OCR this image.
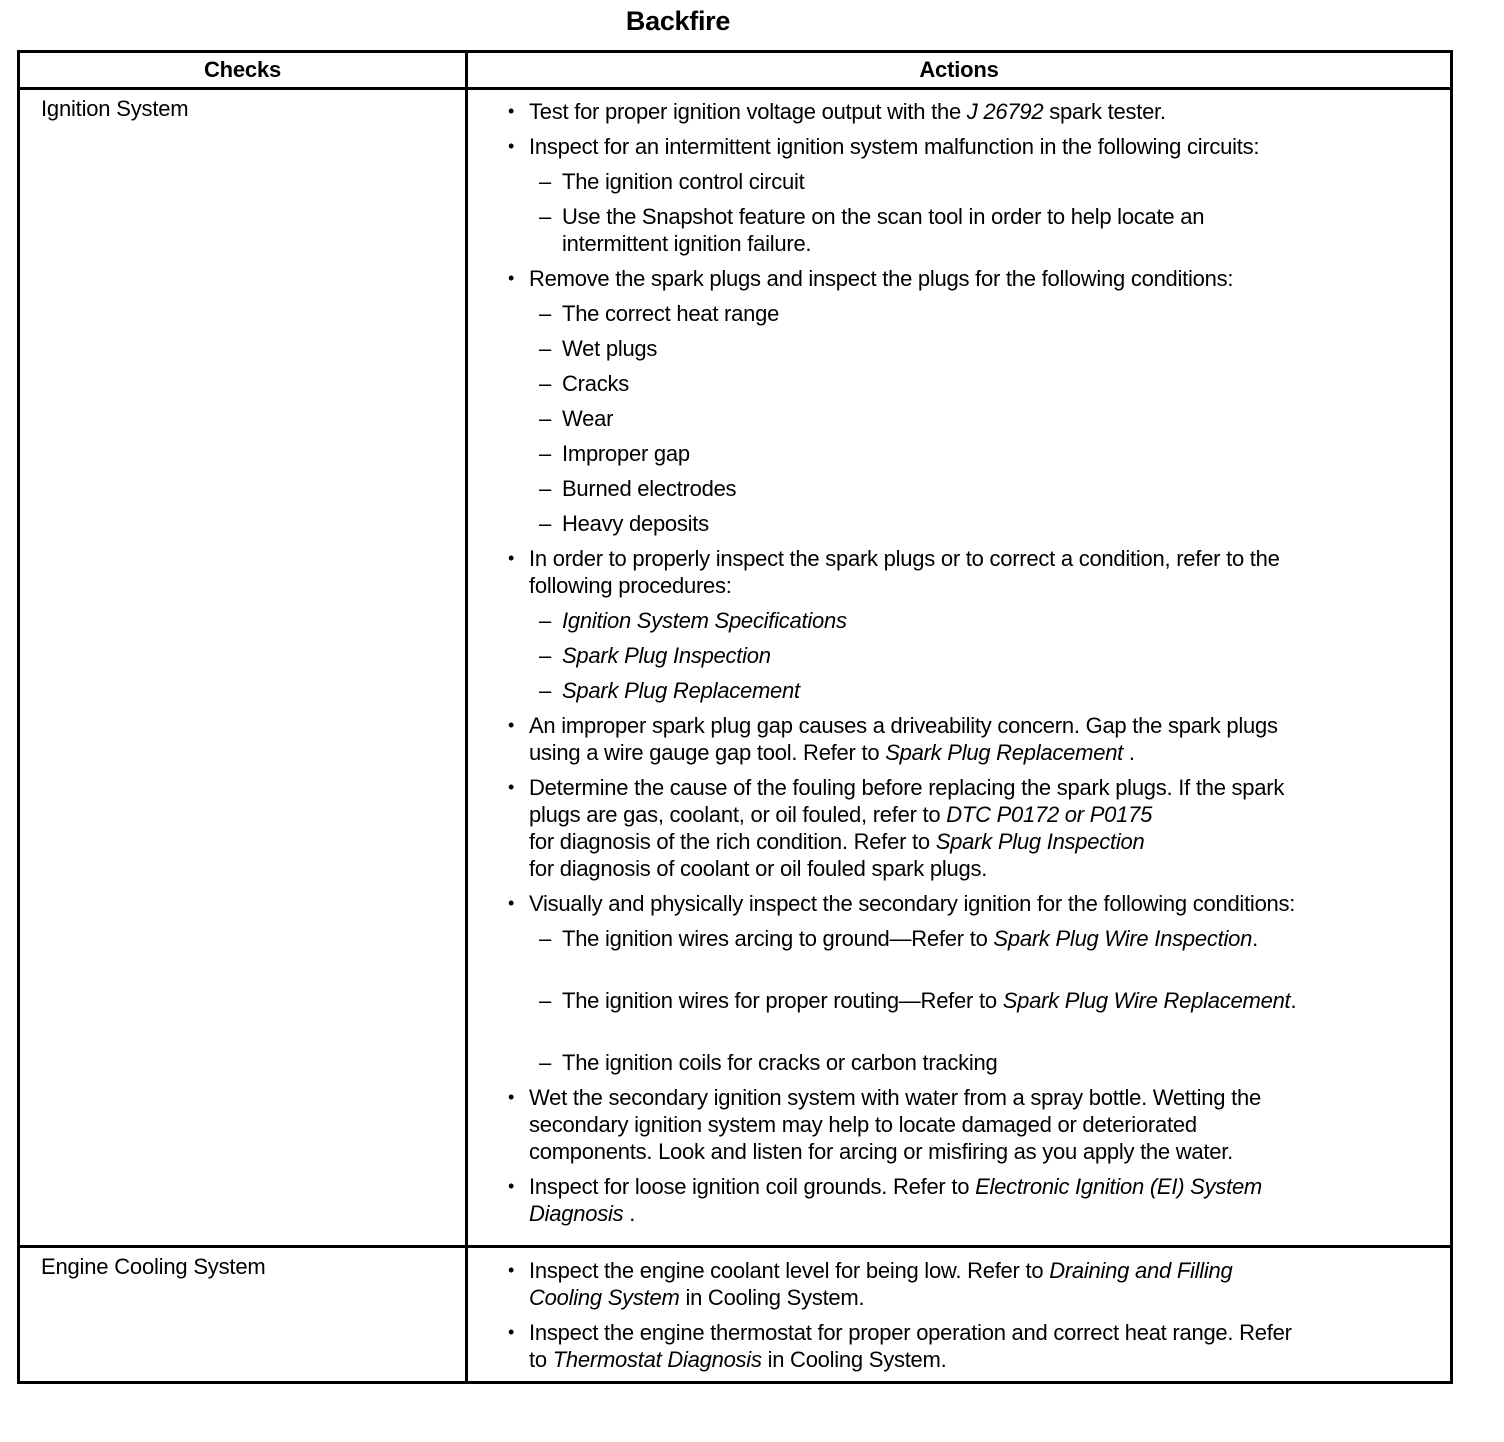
Backfire
Checks	Actions

Ignition System	• Test for proper ignition voltage output with the J 26792 spark tester.
• Inspect for an intermittent ignition system malfunction in the following circuits:
– The ignition control circuit
– Use the Snapshot feature on the scan tool in order to help locate an
intermittent ignition failure.
• Remove the spark plugs and inspect the plugs for the following conditions:
– The correct heat range
– Wet plugs
– Cracks
– Wear
– Improper gap
– Burned electrodes
– Heavy deposits
• In order to properly inspect the spark plugs or to correct a condition, refer to the
following procedures:
– Ignition System Specifications
– Spark Plug Inspection
– Spark Plug Replacement
• An improper spark plug gap causes a driveability concern. Gap the spark plugs
using a wire gauge gap tool. Refer to Spark Plug Replacement .
• Determine the cause of the fouling before replacing the spark plugs. If the spark
plugs are gas, coolant, or oil fouled, refer to DTC P0172 or P0175
for diagnosis of the rich condition. Refer to Spark Plug Inspection
for diagnosis of coolant or oil fouled spark plugs.
• Visually and physically inspect the secondary ignition for the following conditions:
– The ignition wires arcing to ground—Refer to Spark Plug Wire Inspection.
– The ignition wires for proper routing—Refer to Spark Plug Wire Replacement.
– The ignition coils for cracks or carbon tracking
• Wet the secondary ignition system with water from a spray bottle. Wetting the
secondary ignition system may help to locate damaged or deteriorated
components. Look and listen for arcing or misfiring as you apply the water.
• Inspect for loose ignition coil grounds. Refer to Electronic Ignition (EI) System
Diagnosis .

Engine Cooling System	• Inspect the engine coolant level for being low. Refer to Draining and Filling
Cooling System in Cooling System.
• Inspect the engine thermostat for proper operation and correct heat range. Refer
to Thermostat Diagnosis in Cooling System.
